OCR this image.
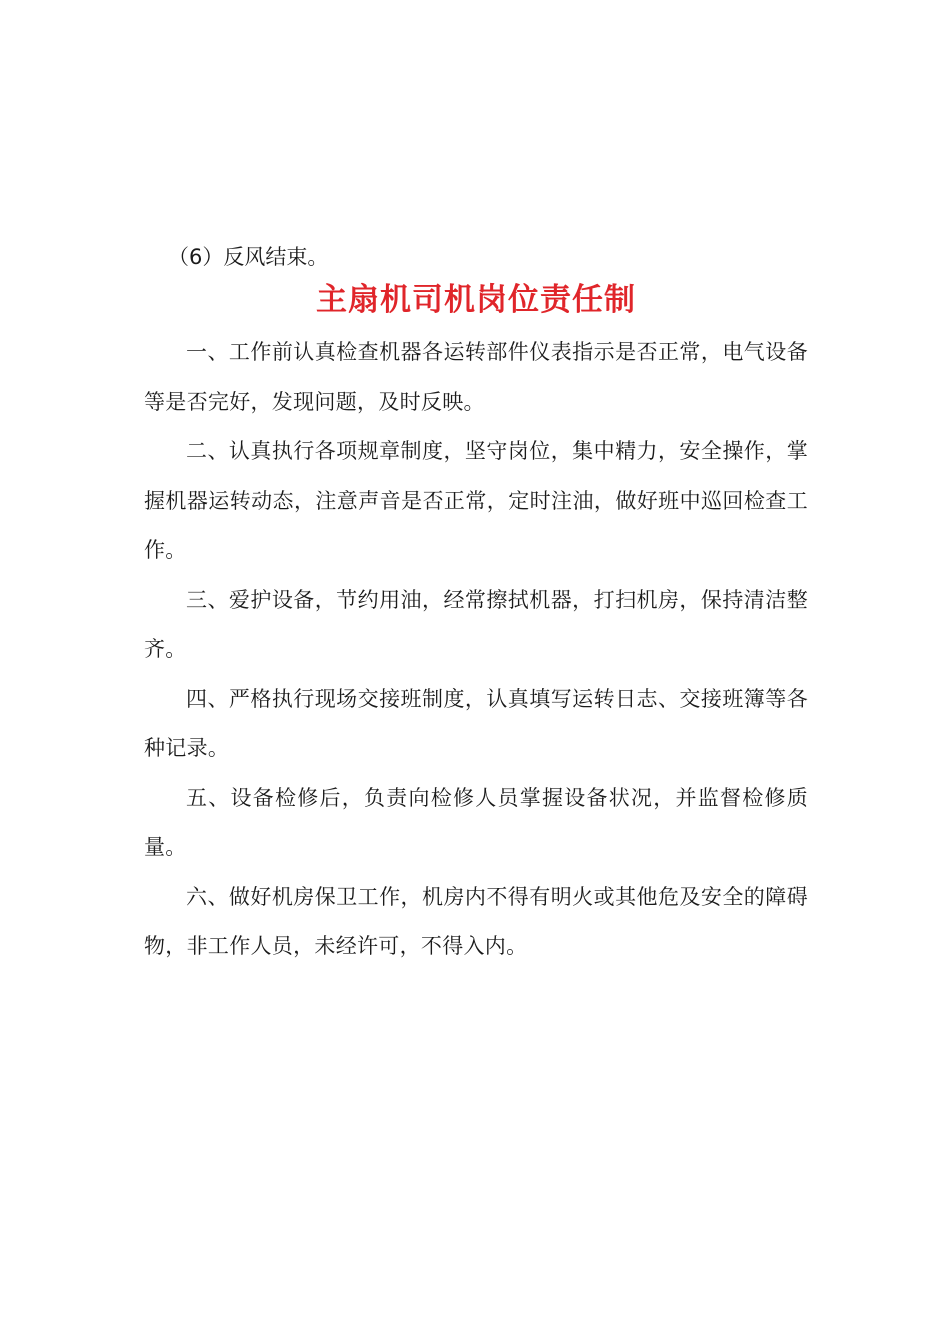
（6）反风结束。

主扇机司机岗位责任制

一、工作前认真检查机器各运转部件仪表指示是否正常，电气设备等是否完好，发现问题，及时反映。

二、认真执行各项规章制度，坚守岗位，集中精力，安全操作，掌握机器运转动态，注意声音是否正常，定时注油，做好班中巡回检查工作。

三、爱护设备，节约用油，经常擦拭机器，打扫机房，保持清洁整齐。

四、严格执行现场交接班制度，认真填写运转日志、交接班簿等各种记录。

五、设备检修后，负责向检修人员掌握设备状况，并监督检修质量。

六、做好机房保卫工作，机房内不得有明火或其他危及安全的障碍物，非工作人员，未经许可，不得入内。
